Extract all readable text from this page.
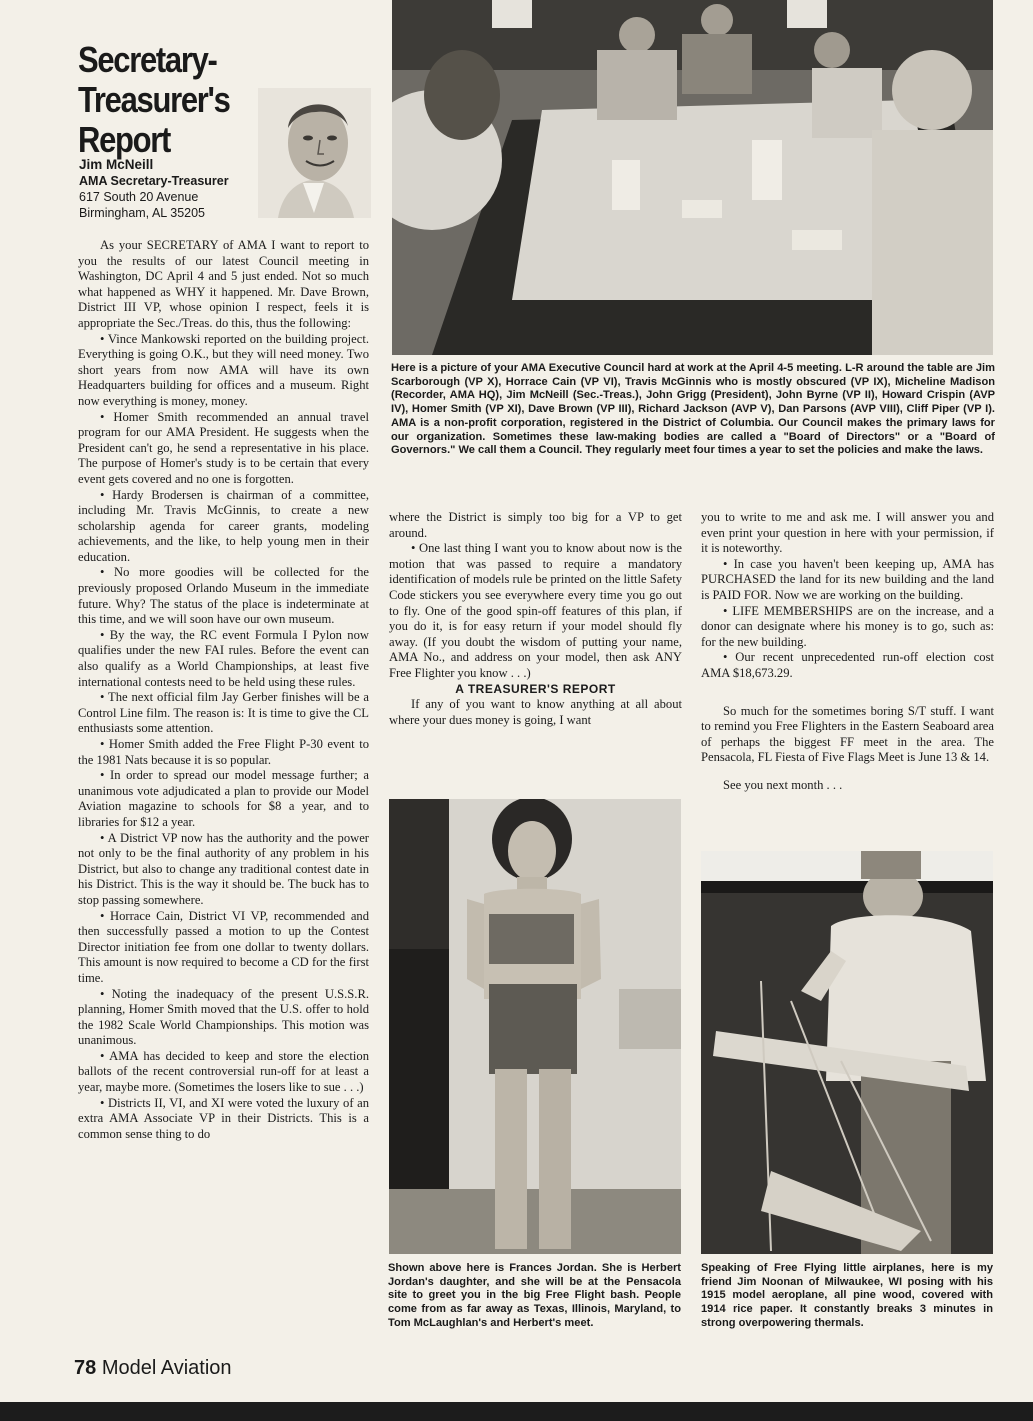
Secretary-Treasurer's
Report
Jim McNeill
AMA Secretary-Treasurer
617 South 20 Avenue
Birmingham, AL 35205
Here is a picture of your AMA Executive Council hard at work at the April 4-5 meeting. L-R around the table are Jim Scarborough (VP X), Horrace Cain (VP VI), Travis McGinnis who is mostly obscured (VP IX), Micheline Madison (Recorder, AMA HQ), Jim McNeill (Sec.-Treas.), John Grigg (President), John Byrne (VP II), Howard Crispin (AVP IV), Homer Smith (VP XI), Dave Brown (VP III), Richard Jackson (AVP V), Dan Parsons (AVP VIII), Cliff Piper (VP I). AMA is a non-profit corporation, registered in the District of Columbia. Our Council makes the primary laws for our organization. Sometimes these law-making bodies are called a "Board of Directors" or a "Board of Governors." We call them a Council. They regularly meet four times a year to set the policies and make the laws.

As your SECRETARY of AMA I want to report to you the results of our latest Council meeting in Washington, DC April 4 and 5 just ended. Not so much what happened as WHY it happened. Mr. Dave Brown, District III VP, whose opinion I respect, feels it is appropriate the Sec./Treas. do this, thus the following:

• Vince Mankowski reported on the building project. Everything is going O.K., but they will need money. Two short years from now AMA will have its own Headquarters building for offices and a museum. Right now everything is money, money.

• Homer Smith recommended an annual travel program for our AMA President. He suggests when the President can't go, he send a representative in his place. The purpose of Homer's study is to be certain that every event gets covered and no one is forgotten.

• Hardy Brodersen is chairman of a committee, including Mr. Travis McGinnis, to create a new scholarship agenda for career grants, modeling achievements, and the like, to help young men in their education.

• No more goodies will be collected for the previously proposed Orlando Museum in the immediate future. Why? The status of the place is indeterminate at this time, and we will soon have our own museum.

• By the way, the RC event Formula I Pylon now qualifies under the new FAI rules. Before the event can also qualify as a World Championships, at least five international contests need to be held using these rules.

• The next official film Jay Gerber finishes will be a Control Line film. The reason is: It is time to give the CL enthusiasts some attention.

• Homer Smith added the Free Flight P-30 event to the 1981 Nats because it is so popular.

• In order to spread our model message further; a unanimous vote adjudicated a plan to provide our Model Aviation magazine to schools for $8 a year, and to libraries for $12 a year.

• A District VP now has the authority and the power not only to be the final authority of any problem in his District, but also to change any traditional contest date in his District. This is the way it should be. The buck has to stop passing somewhere.

• Horrace Cain, District VI VP, recommended and then successfully passed a motion to up the Contest Director initiation fee from one dollar to twenty dollars. This amount is now required to become a CD for the first time.

• Noting the inadequacy of the present U.S.S.R. planning, Homer Smith moved that the U.S. offer to hold the 1982 Scale World Championships. This motion was unanimous.

• AMA has decided to keep and store the election ballots of the recent controversial run-off for at least a year, maybe more. (Sometimes the losers like to sue . . .)

• Districts II, VI, and XI were voted the luxury of an extra AMA Associate VP in their Districts. This is a common sense thing to do

where the District is simply too big for a VP to get around.

• One last thing I want you to know about now is the motion that was passed to require a mandatory identification of models rule be printed on the little Safety Code stickers you see everywhere every time you go out to fly. One of the good spin-off features of this plan, if you do it, is for easy return if your model should fly away. (If you doubt the wisdom of putting your name, AMA No., and address on your model, then ask ANY Free Flighter you know . . .)

A TREASURER'S REPORT

If any of you want to know anything at all about where your dues money is going, I want

you to write to me and ask me. I will answer you and even print your question in here with your permission, if it is noteworthy.

• In case you haven't been keeping up, AMA has PURCHASED the land for its new building and the land is PAID FOR. Now we are working on the building.

• LIFE MEMBERSHIPS are on the increase, and a donor can designate where his money is to go, such as: for the new building.

• Our recent unprecedented run-off election cost AMA $18,673.29.

So much for the sometimes boring S/T stuff. I want to remind you Free Flighters in the Eastern Seaboard area of perhaps the biggest FF meet in the area. The Pensacola, FL Fiesta of Five Flags Meet is June 13 & 14.

See you next month . . .

Shown above here is Frances Jordan. She is Herbert Jordan's daughter, and she will be at the Pensacola site to greet you in the big Free Flight bash. People come from as far away as Texas, Illinois, Maryland, to Tom McLaughlan's and Herbert's meet.
Speaking of Free Flying little airplanes, here is my friend Jim Noonan of Milwaukee, WI posing with his 1915 model aeroplane, all pine wood, covered with 1914 rice paper. It constantly breaks 3 minutes in strong overpowering thermals.
78 Model Aviation
